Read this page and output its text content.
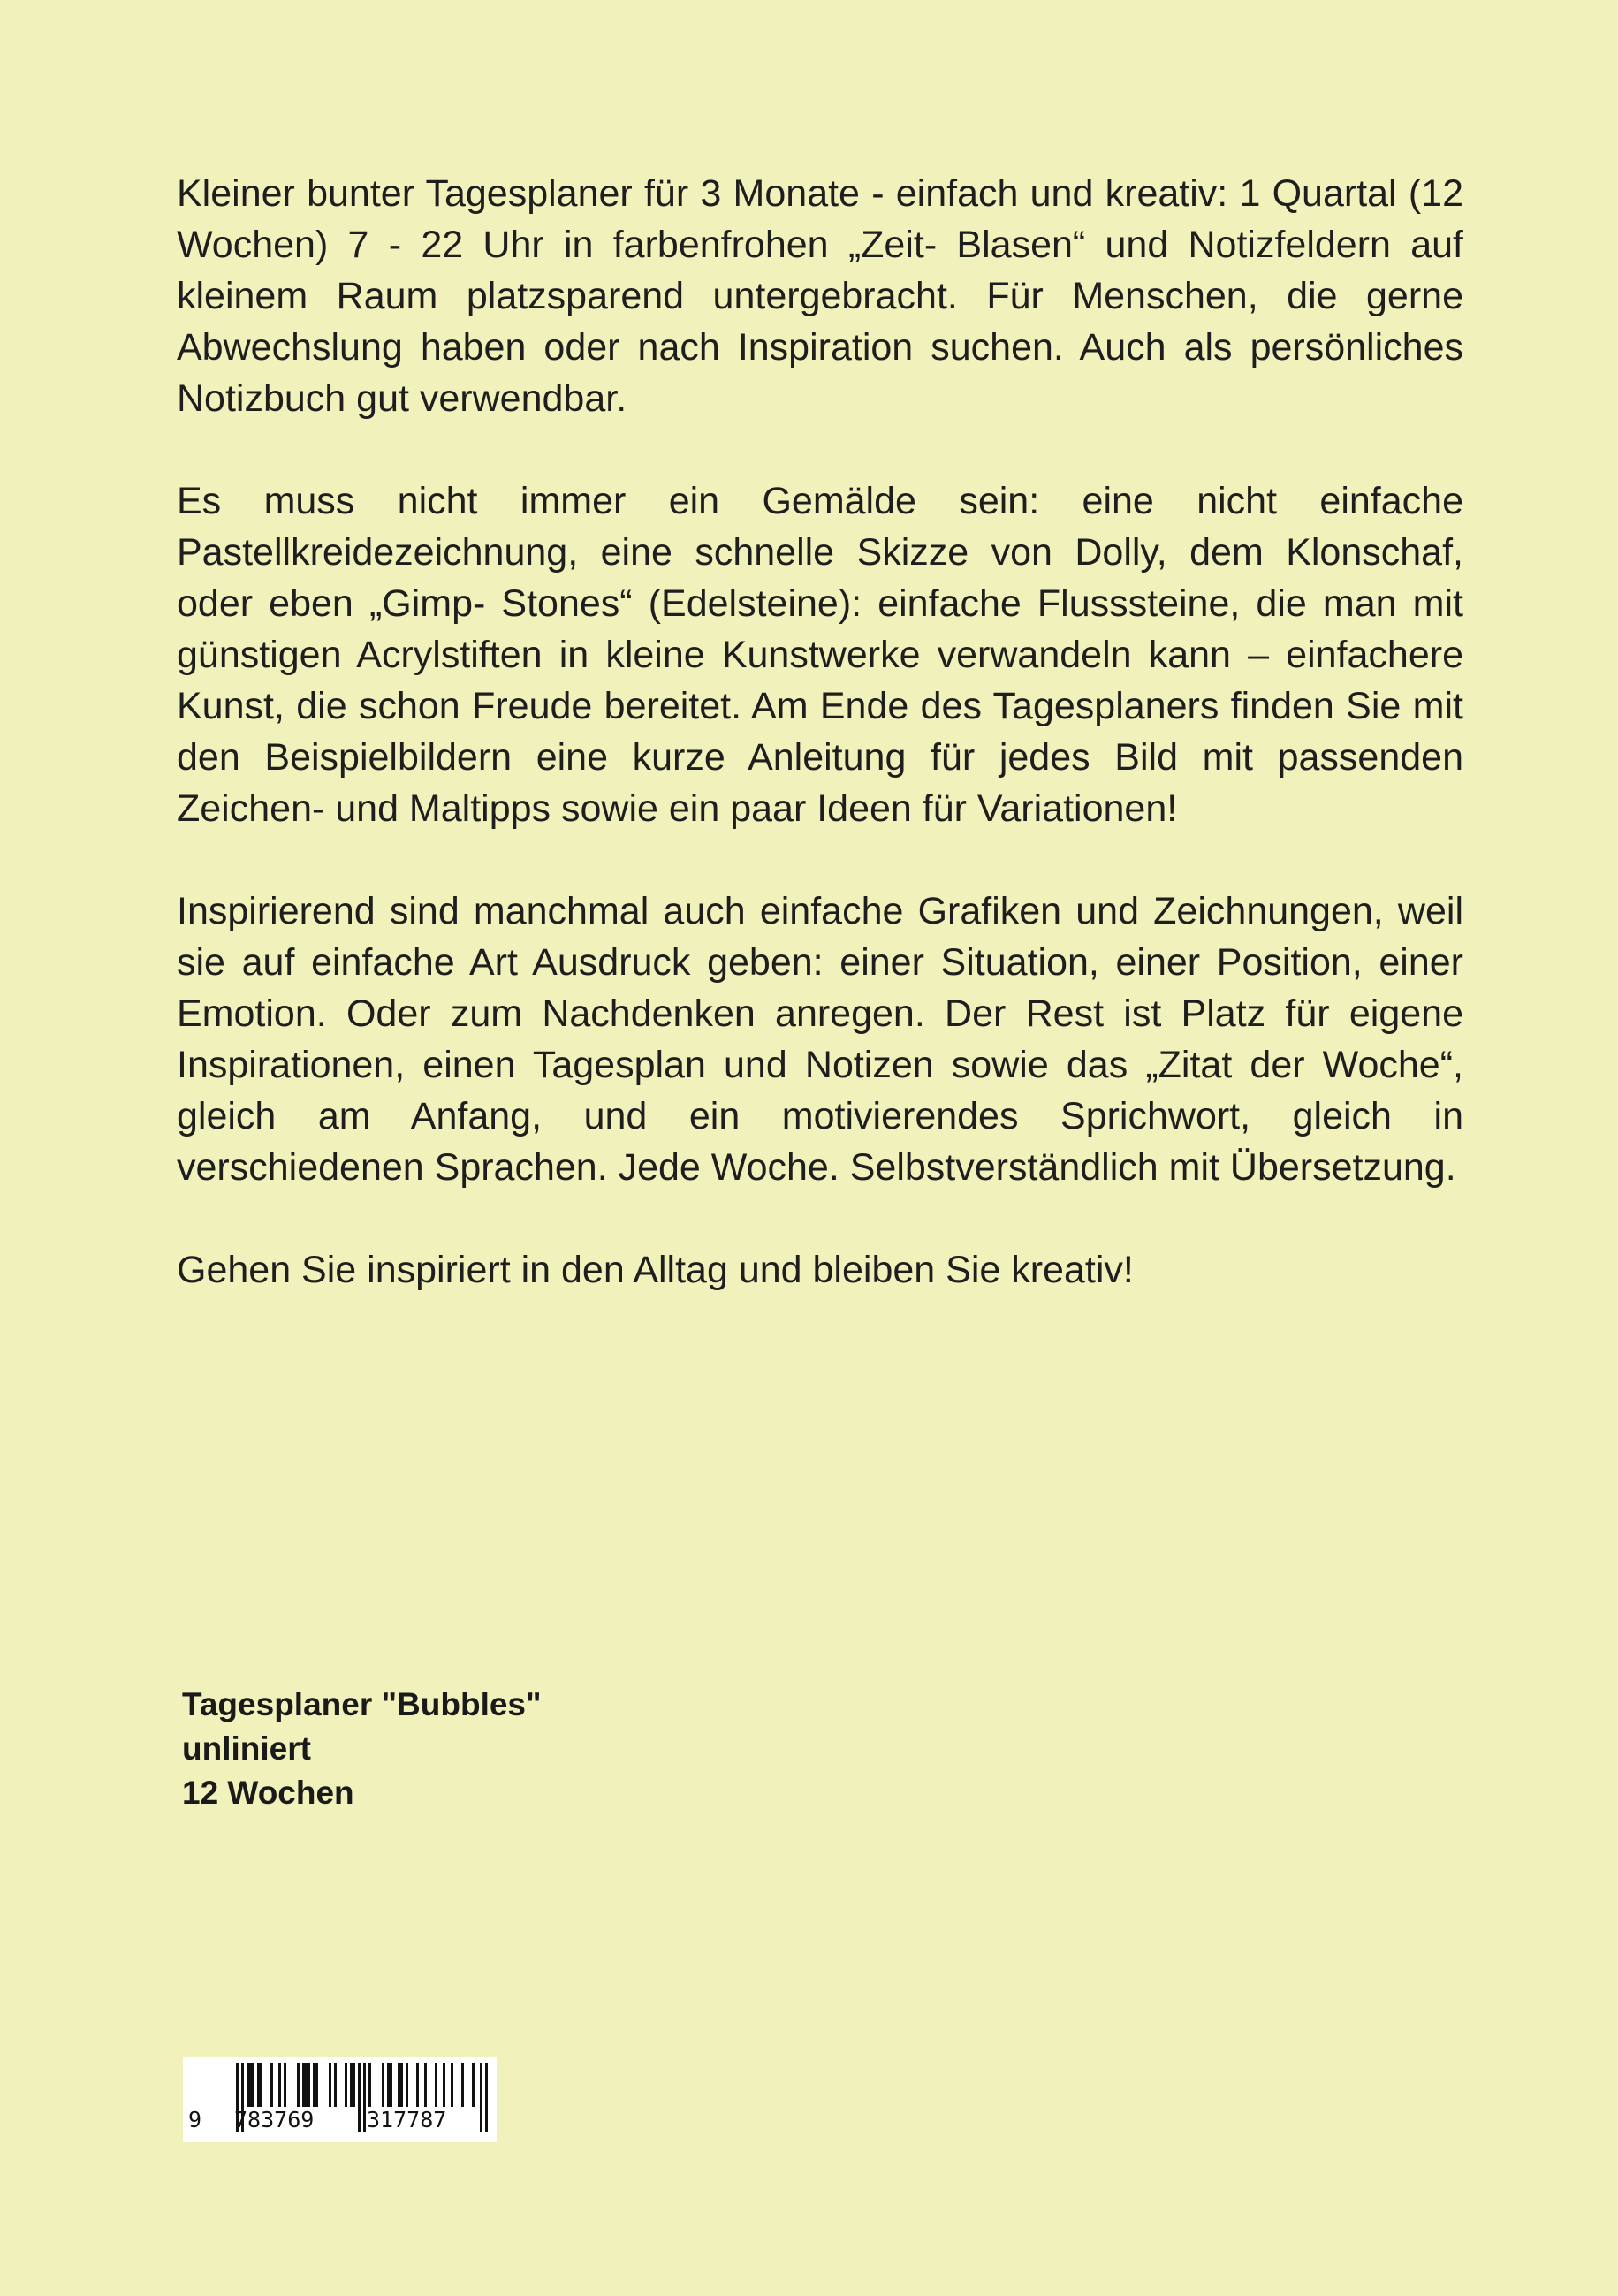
Kleiner bunter Tagesplaner für 3 Monate - einfach und kreativ: 1 Quartal (12 Wochen) 7 - 22 Uhr in farbenfrohen „Zeit- Blasen“ und Notizfeldern auf kleinem Raum platzsparend untergebracht. Für Menschen, die gerne Abwechslung haben oder nach Inspiration suchen. Auch als persönliches Notizbuch gut verwendbar.

Es muss nicht immer ein Gemälde sein: eine nicht einfache Pastellkreidezeichnung, eine schnelle Skizze von Dolly, dem Klonschaf, oder eben „Gimp- Stones“ (Edelsteine): einfache Flusssteine, die man mit günstigen Acrylstiften in kleine Kunstwerke verwandeln kann – einfachere Kunst, die schon Freude bereitet. Am Ende des Tagesplaners finden Sie mit den Beispielbildern eine kurze Anleitung für jedes Bild mit passenden Zeichen- und Maltipps sowie ein paar Ideen für Variationen!

Inspirierend sind manchmal auch einfache Grafiken und Zeichnungen, weil sie auf einfache Art Ausdruck geben: einer Situation, einer Position, einer Emotion. Oder zum Nachdenken anregen. Der Rest ist Platz für eigene Inspirationen, einen Tagesplan und Notizen sowie das „Zitat der Woche“, gleich am Anfang, und ein motivierendes Sprichwort, gleich in verschiedenen Sprachen. Jede Woche. Selbstverständlich mit Übersetzung.

Gehen Sie inspiriert in den Alltag und bleiben Sie kreativ!

Tagesplaner "Bubbles"
unliniert
12 Wochen
9 783769 317787
